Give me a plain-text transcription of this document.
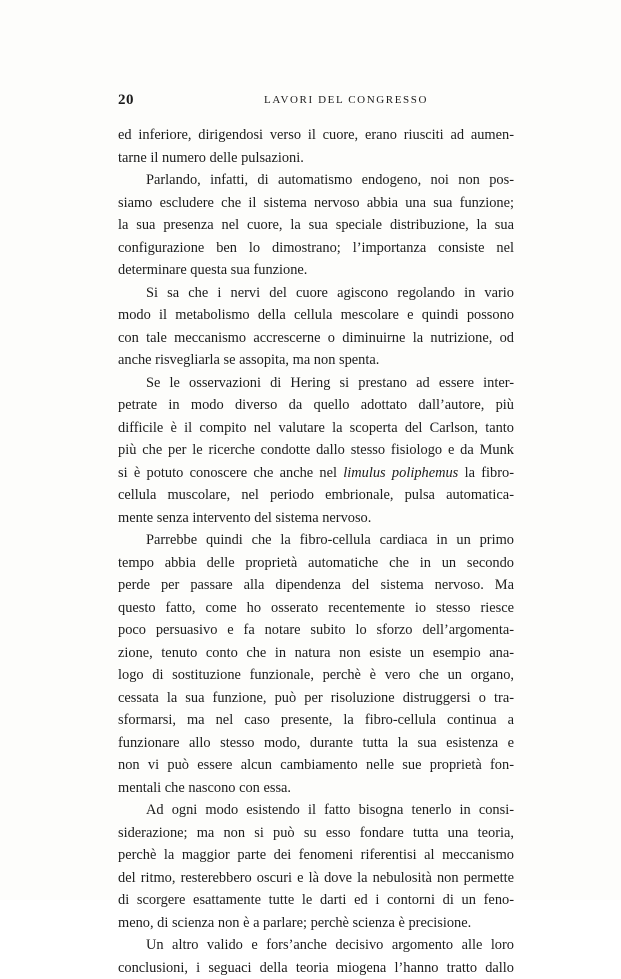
20	LAVORI DEL CONGRESSO
ed inferiore, dirigendosi verso il cuore, erano riusciti ad aumen-
tarne il numero delle pulsazioni.
Parlando, infatti, di automatismo endogeno, noi non pos-
siamo escludere che il sistema nervoso abbia una sua funzione;
la sua presenza nel cuore, la sua speciale distribuzione, la sua
configurazione ben lo dimostrano; l’importanza consiste nel
determinare questa sua funzione.
Si sa che i nervi del cuore agiscono regolando in vario
modo il metabolismo della cellula mescolare e quindi possono
con tale meccanismo accrescerne o diminuirne la nutrizione, od
anche risvegliarla se assopita, ma non spenta.
Se le osservazioni di Hering si prestano ad essere inter-
petrate in modo diverso da quello adottato dall’autore, più
difficile è il compito nel valutare la scoperta del Carlson, tanto
più che per le ricerche condotte dallo stesso fisiologo e da Munk
si è potuto conoscere che anche nel limulus poliphemus la fibro-
cellula muscolare, nel periodo embrionale, pulsa automatica-
mente senza intervento del sistema nervoso.
Parrebbe quindi che la fibro-cellula cardiaca in un primo
tempo abbia delle proprietà automatiche che in un secondo
perde per passare alla dipendenza del sistema nervoso. Ma
questo fatto, come ho osserato recentemente io stesso riesce
poco persuasivo e fa notare subito lo sforzo dell’argomenta-
zione, tenuto conto che in natura non esiste un esempio ana-
logo di sostituzione funzionale, perchè è vero che un organo,
cessata la sua funzione, può per risoluzione distruggersi o tra-
sformarsi, ma nel caso presente, la fibro-cellula continua a
funzionare allo stesso modo, durante tutta la sua esistenza e
non vi può essere alcun cambiamento nelle sue proprietà fon-
mentali che nascono con essa.
Ad ogni modo esistendo il fatto bisogna tenerlo in consi-
siderazione; ma non si può su esso fondare tutta una teoria,
perchè la maggior parte dei fenomeni riferentisi al meccanismo
del ritmo, resterebbero oscuri e là dove la nebulosità non permette
di scorgere esattamente tutte le darti ed i contorni di un feno-
meno, di scienza non è a parlare; perchè scienza è precisione.
Un altro valido e fors’anche decisivo argomento alle loro
conclusioni, i seguaci della teoria miogena l’hanno tratto dallo
